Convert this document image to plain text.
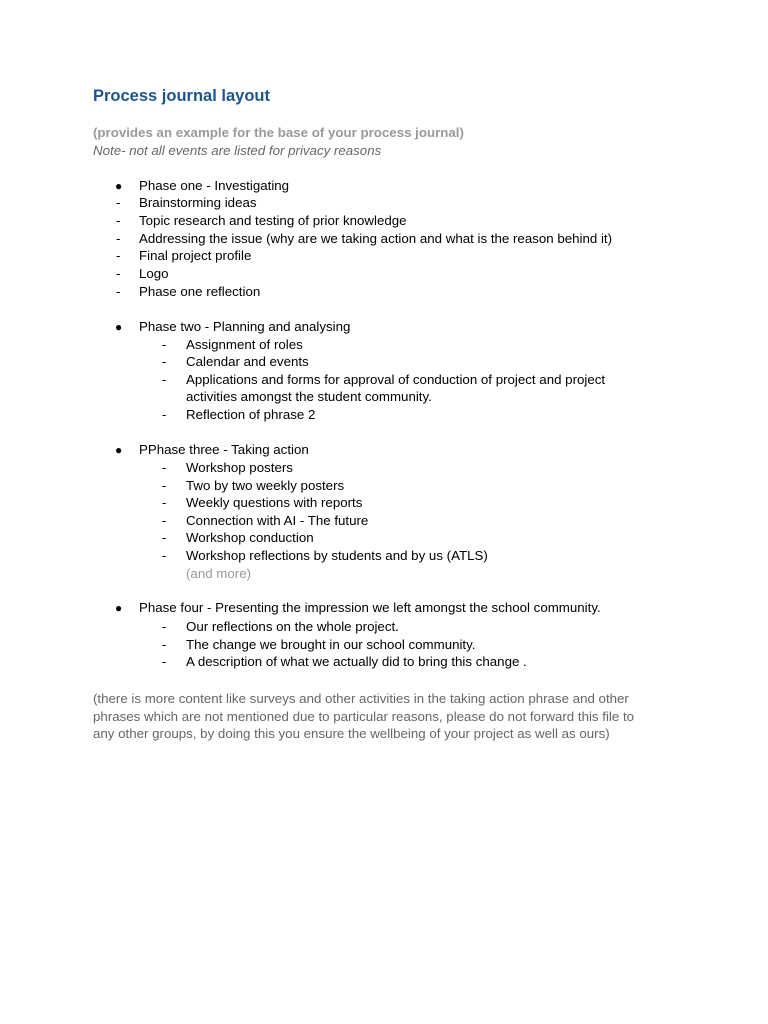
Process journal layout
(provides an example for the base of your process journal)
Note- not all events are listed for privacy reasons
● Phase one - Investigating
- Brainstorming ideas
- Topic research and testing of prior knowledge
- Addressing the issue (why are we taking action and what is the reason behind it)
- Final project profile
- Logo
- Phase one reflection
● Phase two - Planning and analysing
- Assignment of roles
- Calendar and events
- Applications and forms for approval of conduction of project and project
activities amongst the student community.
- Reflection of phrase 2
● PPhase three - Taking action
- Workshop posters
- Two by two weekly posters
- Weekly questions with reports
- Connection with AI - The future
- Workshop conduction
- Workshop reflections by students and by us (ATLS)
(and more)
● Phase four - Presenting the impression we left amongst the school community.
- Our reflections on the whole project.
- The change we brought in our school community.
- A description of what we actually did to bring this change .
(there is more content like surveys and other activities in the taking action phrase and other
phrases which are not mentioned due to particular reasons, please do not forward this file to
any other groups, by doing this you ensure the wellbeing of your project as well as ours)
